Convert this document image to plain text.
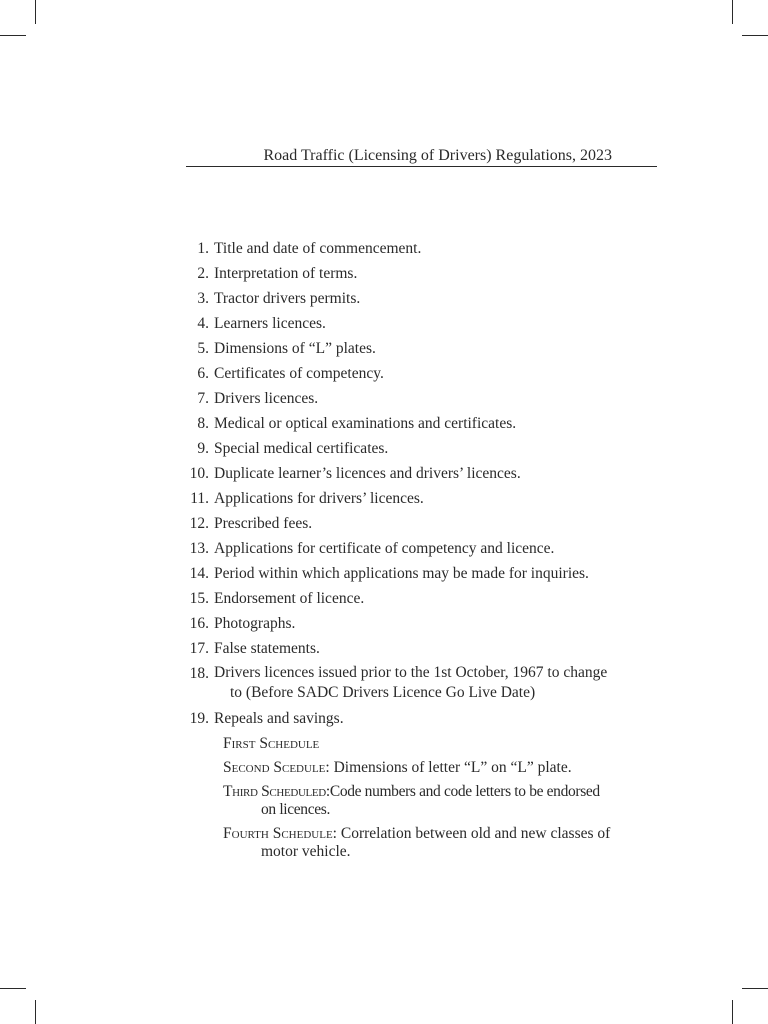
Road Traffic (Licensing of Drivers) Regulations, 2023
1. Title and date of commencement.
2. Interpretation of terms.
3. Tractor drivers permits.
4. Learners licences.
5. Dimensions of “L” plates.
6. Certificates of competency.
7. Drivers licences.
8. Medical or optical examinations and certificates.
9. Special medical certificates.
10. Duplicate learner’s licences and drivers’ licences.
11. Applications for drivers’ licences.
12. Prescribed fees.
13. Applications for certificate of competency and licence.
14. Period within which applications may be made for inquiries.
15. Endorsement of licence.
16. Photographs.
17. False statements.
18. Drivers licences issued prior to the 1st October, 1967 to change
to (Before SADC Drivers Licence Go Live Date)
19. Repeals and savings.
First Schedule
Second Scedule: Dimensions of letter “L” on “L” plate.
Third Scheduled:Code numbers and code letters to be endorsed
on licences.
Fourth Schedule: Correlation between old and new classes of
motor vehicle.
